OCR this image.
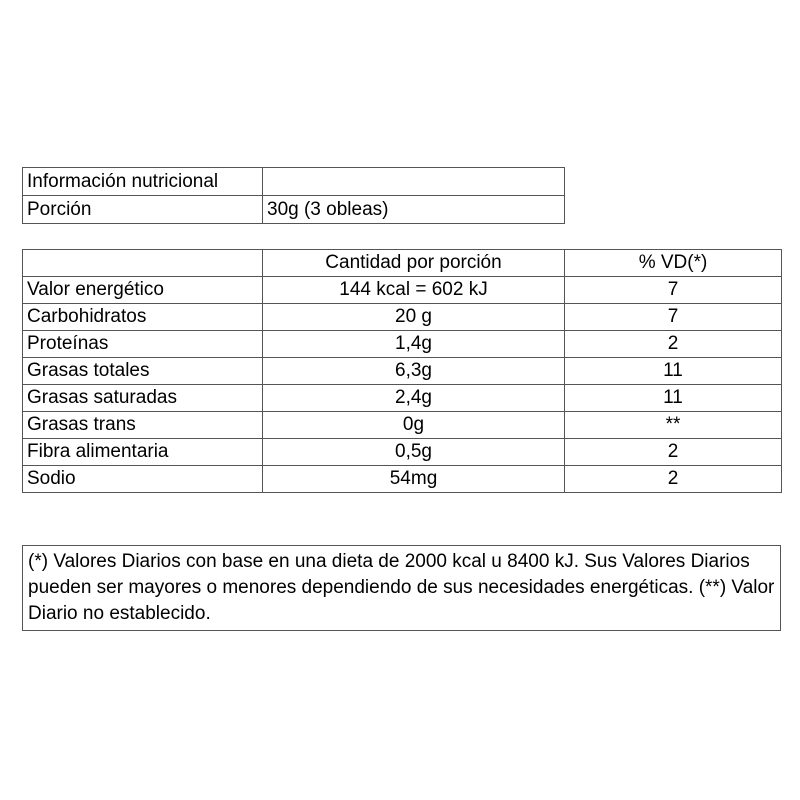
Información nutricional	
Porción	30g (3 obleas)
	Cantidad por porción	% VD(*)
Valor energético	144 kcal = 602 kJ	7
Carbohidratos	20 g	7
Proteínas	1,4g	2
Grasas totales	6,3g	11
Grasas saturadas	2,4g	11
Grasas trans	0g	**
Fibra alimentaria	0,5g	2
Sodio	54mg	2
(*) Valores Diarios con base en una dieta de 2000 kcal u 8400 kJ. Sus Valores Diarios pueden ser mayores o menores dependiendo de sus necesidades energéticas. (**) Valor Diario no establecido.
